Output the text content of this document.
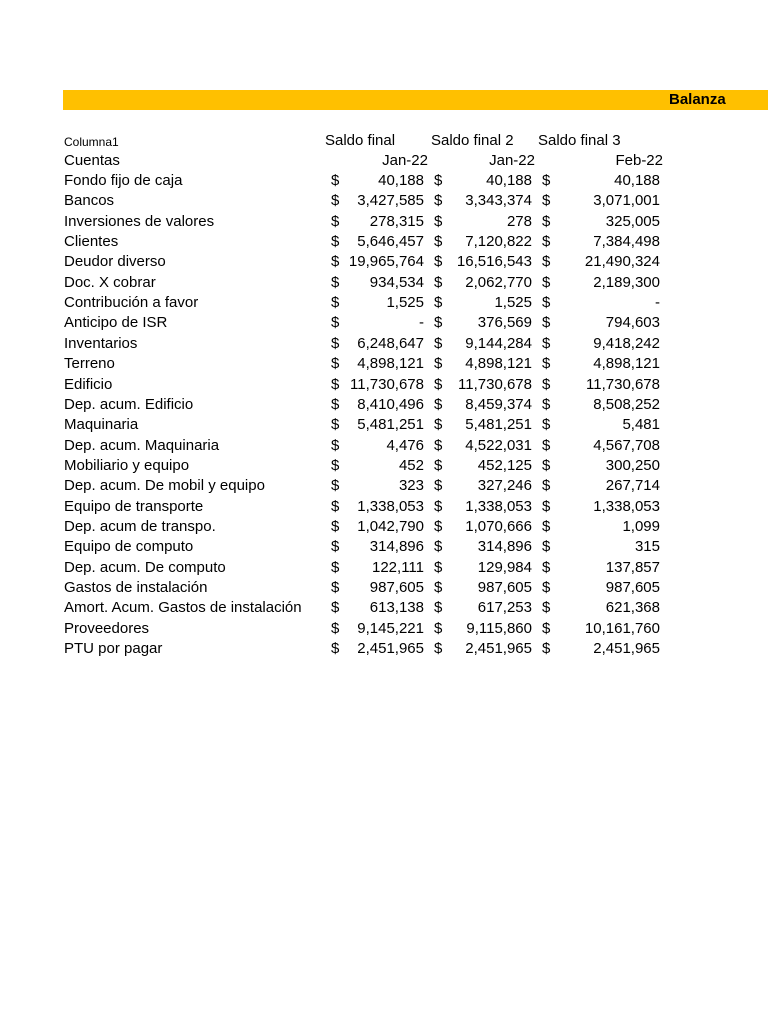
Balanza
Columna1	Saldo final Saldo final 2 Saldo final 3
Cuentas	Jan-22	Jan-22	Feb-22
Fondo fijo de caja	$	40,188 $	40,188 $	40,188
Bancos	$	3,427,585 $	3,343,374 $	3,071,001
Inversiones de valores	$	278,315 $	278 $	325,005
Clientes	$	5,646,457 $	7,120,822 $	7,384,498
Deudor diverso	$ 19,965,764 $ 16,516,543 $	21,490,324
Doc. X cobrar	$	934,534 $	2,062,770 $	2,189,300
Contribución a favor	$	1,525 $	1,525 $	-
Anticipo de ISR	$	- $	376,569 $	794,603
Inventarios	$	6,248,647 $	9,144,284 $	9,418,242
Terreno	$	4,898,121 $	4,898,121 $	4,898,121
Edificio	$ 11,730,678 $	11,730,678 $	11,730,678
Dep. acum. Edificio	$	8,410,496 $	8,459,374 $	8,508,252
Maquinaria	$	5,481,251 $	5,481,251 $	5,481
Dep. acum. Maquinaria	$	4,476 $	4,522,031 $	4,567,708
Mobiliario y equipo	$	452 $	452,125 $	300,250
Dep. acum. De mobil y equipo	$	323 $	327,246 $	267,714
Equipo de transporte	$	1,338,053 $	1,338,053 $	1,338,053
Dep. acum de transpo.	$	1,042,790 $	1,070,666 $	1,099
Equipo de computo	$	314,896 $	314,896 $	315
Dep. acum. De computo	$	122,111 $	129,984 $	137,857
Gastos de instalación	$	987,605 $	987,605 $	987,605
Amort. Acum. Gastos de instalación	$	613,138 $	617,253 $	621,368
Proveedores	$	9,145,221 $	9,115,860 $	10,161,760
PTU por pagar	$	2,451,965 $	2,451,965 $	2,451,965
